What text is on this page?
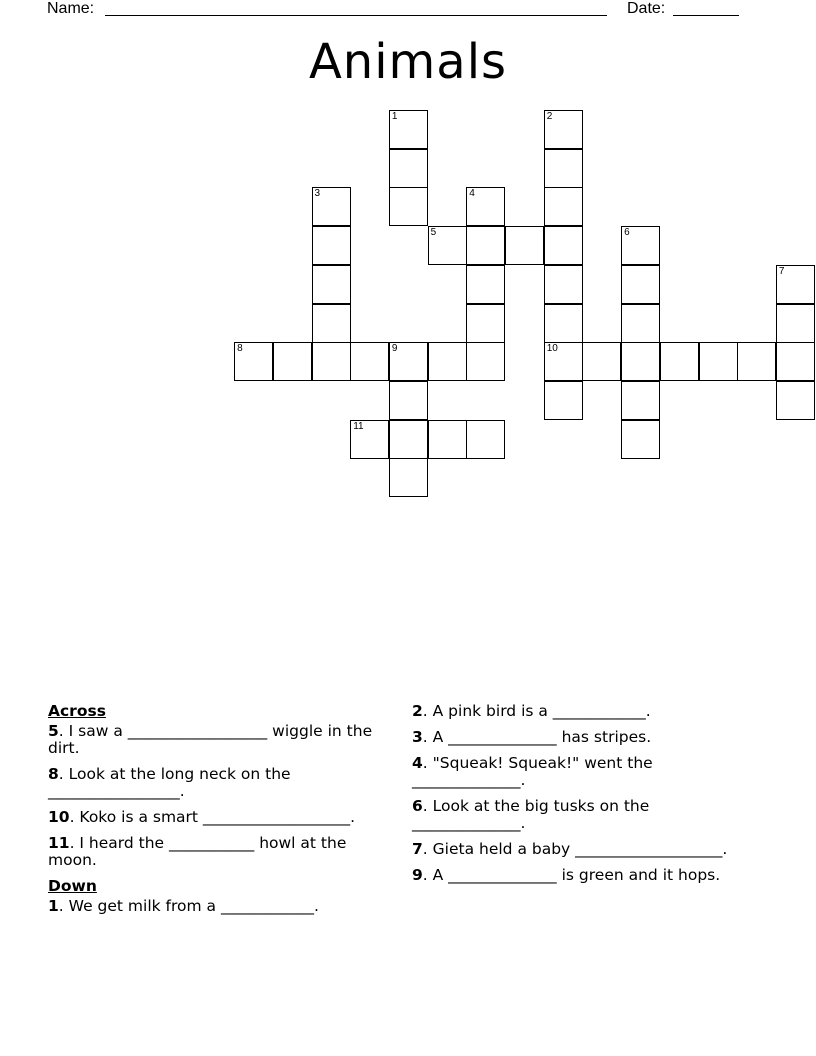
Name:	Date:
Animals
1	2
3	4
5	6
7
8	9	10
11
Across
5. I saw a __________________ wiggle in the dirt.
8. Look at the long neck on the _________________.
10. Koko is a smart ___________________.
11. I heard the ___________ howl at the moon.
Down
1. We get milk from a ____________.
2. A pink bird is a ____________.
3. A ______________ has stripes.
4. "Squeak! Squeak!" went the ______________.
6. Look at the big tusks on the ______________.
7. Gieta held a baby ___________________.
9. A ______________ is green and it hops.
